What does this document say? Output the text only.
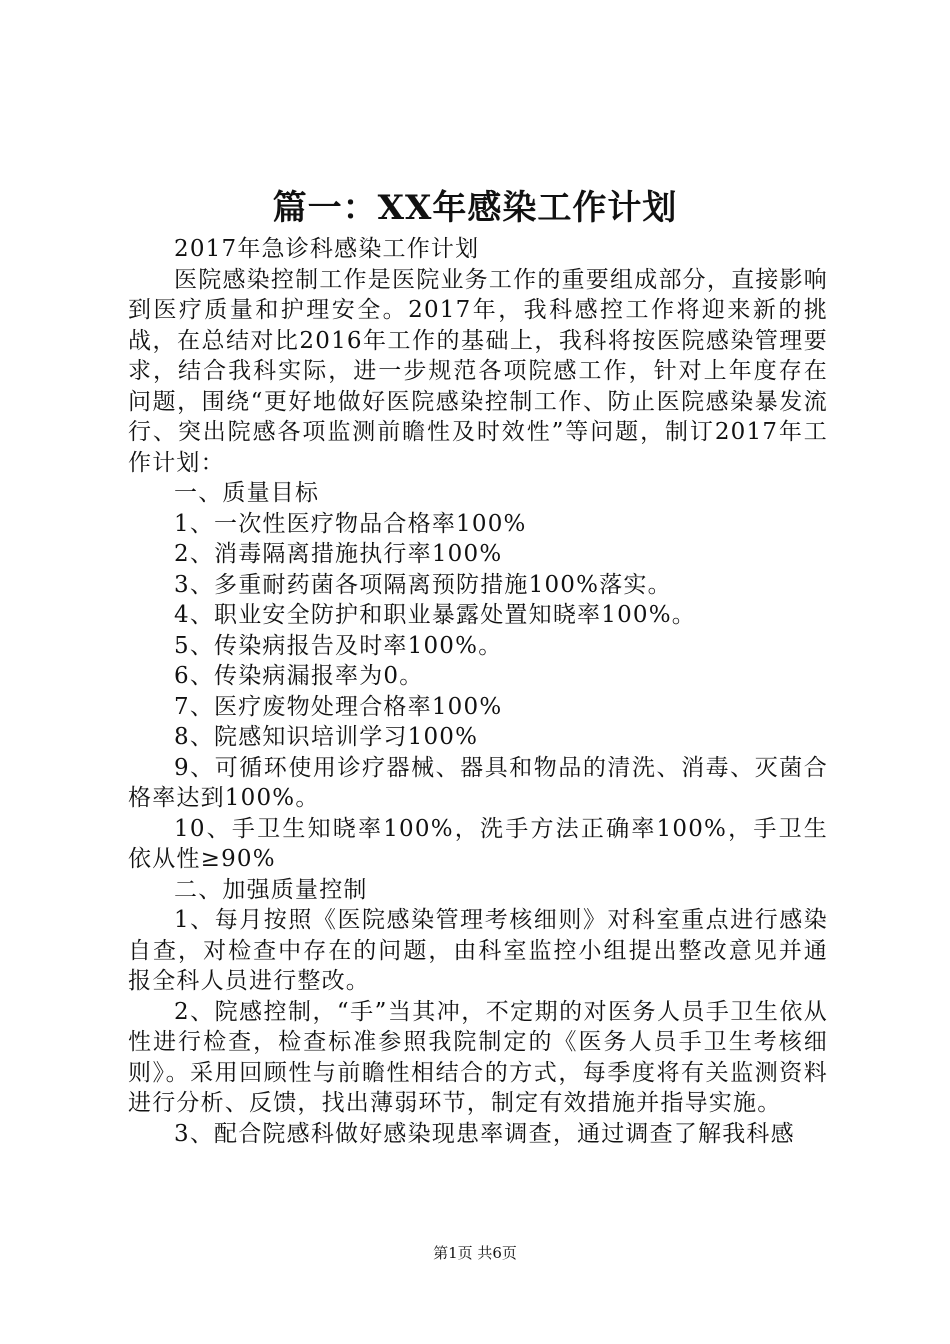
篇一：XX年感染工作计划

2017年急诊科感染工作计划

医院感染控制工作是医院业务工作的重要组成部分，直接影响到医疗质量和护理安全。2017年，我科感控工作将迎来新的挑战，在总结对比2016年工作的基础上，我科将按医院感染管理要求，结合我科实际，进一步规范各项院感工作，针对上年度存在问题，围绕“更好地做好医院感染控制工作、防止医院感染暴发流行、突出院感各项监测前瞻性及时效性”等问题，制订2017年工作计划：

一、质量目标

1、一次性医疗物品合格率100%

2、消毒隔离措施执行率100%

3、多重耐药菌各项隔离预防措施100%落实。

4、职业安全防护和职业暴露处置知晓率100%。

5、传染病报告及时率100%。

6、传染病漏报率为0。

7、医疗废物处理合格率100%

8、院感知识培训学习100%

9、可循环使用诊疗器械、器具和物品的清洗、消毒、灭菌合格率达到100%。

10、手卫生知晓率100%，洗手方法正确率100%，手卫生依从性≥90%

二、加强质量控制

1、每月按照《医院感染管理考核细则》对科室重点进行感染自查，对检查中存在的问题，由科室监控小组提出整改意见并通报全科人员进行整改。

2、院感控制，“手”当其冲，不定期的对医务人员手卫生依从性进行检查，检查标准参照我院制定的《医务人员手卫生考核细则》。采用回顾性与前瞻性相结合的方式，每季度将有关监测资料进行分析、反馈，找出薄弱环节，制定有效措施并指导实施。

3、配合院感科做好感染现患率调查，通过调查了解我科感

第1页 共6页
